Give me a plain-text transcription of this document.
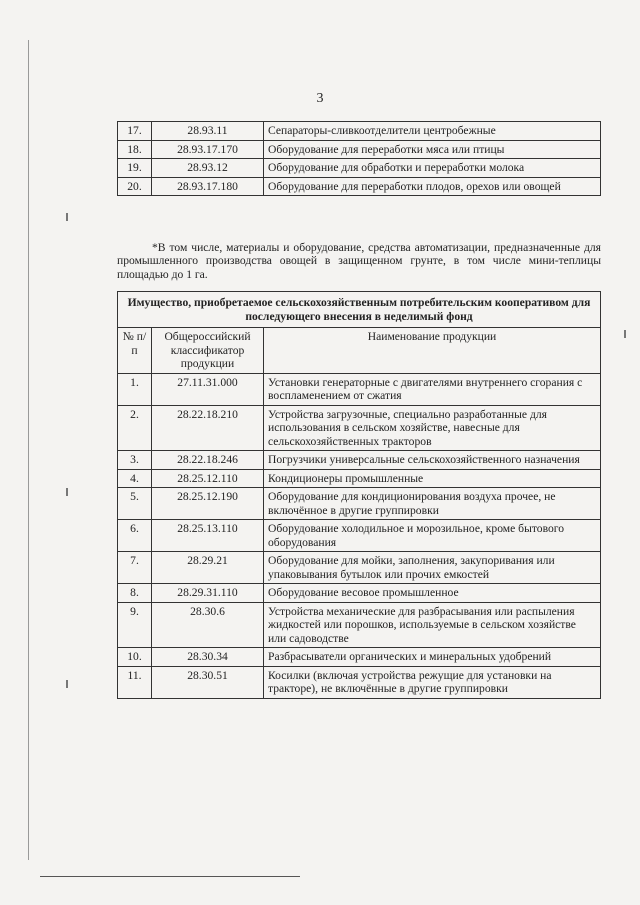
3
17.	28.93.11	Сепараторы-сливкоотделители центробежные
18.	28.93.17.170	Оборудование для переработки мяса или птицы
19.	28.93.12	Оборудование для обработки и переработки молока
20.	28.93.17.180	Оборудование для переработки плодов, орехов или овощей

*В том числе, материалы и оборудование, средства автоматизации, предназначенные для промышленного производства овощей в защищенном грунте, в том числе мини-теплицы площадью до 1 га.

Имущество, приобретаемое сельскохозяйственным потребительским кооперативом для последующего внесения в неделимый фонд		
№ п/п	Общероссийский классификатор продукции	Наименование продукции
1.	27.11.31.000	Установки генераторные с двигателями внутреннего сгорания с воспламенением от сжатия
2.	28.22.18.210	Устройства загрузочные, специально разработанные для использования в сельском хозяйстве, навесные для сельскохозяйственных тракторов
3.	28.22.18.246	Погрузчики универсальные сельскохозяйственного назначения
4.	28.25.12.110	Кондиционеры промышленные
5.	28.25.12.190	Оборудование для кондиционирования воздуха прочее, не включённое в другие группировки
6.	28.25.13.110	Оборудование холодильное и морозильное, кроме бытового оборудования
7.	28.29.21	Оборудование для мойки, заполнения, закупоривания или упаковывания бутылок или прочих емкостей
8.	28.29.31.110	Оборудование весовое промышленное
9.	28.30.6	Устройства механические для разбрасывания или распыления жидкостей или порошков, используемые в сельском хозяйстве или садоводстве
10.	28.30.34	Разбрасыватели органических и минеральных удобрений
11.	28.30.51	Косилки (включая устройства режущие для установки на тракторе), не включённые в другие группировки
